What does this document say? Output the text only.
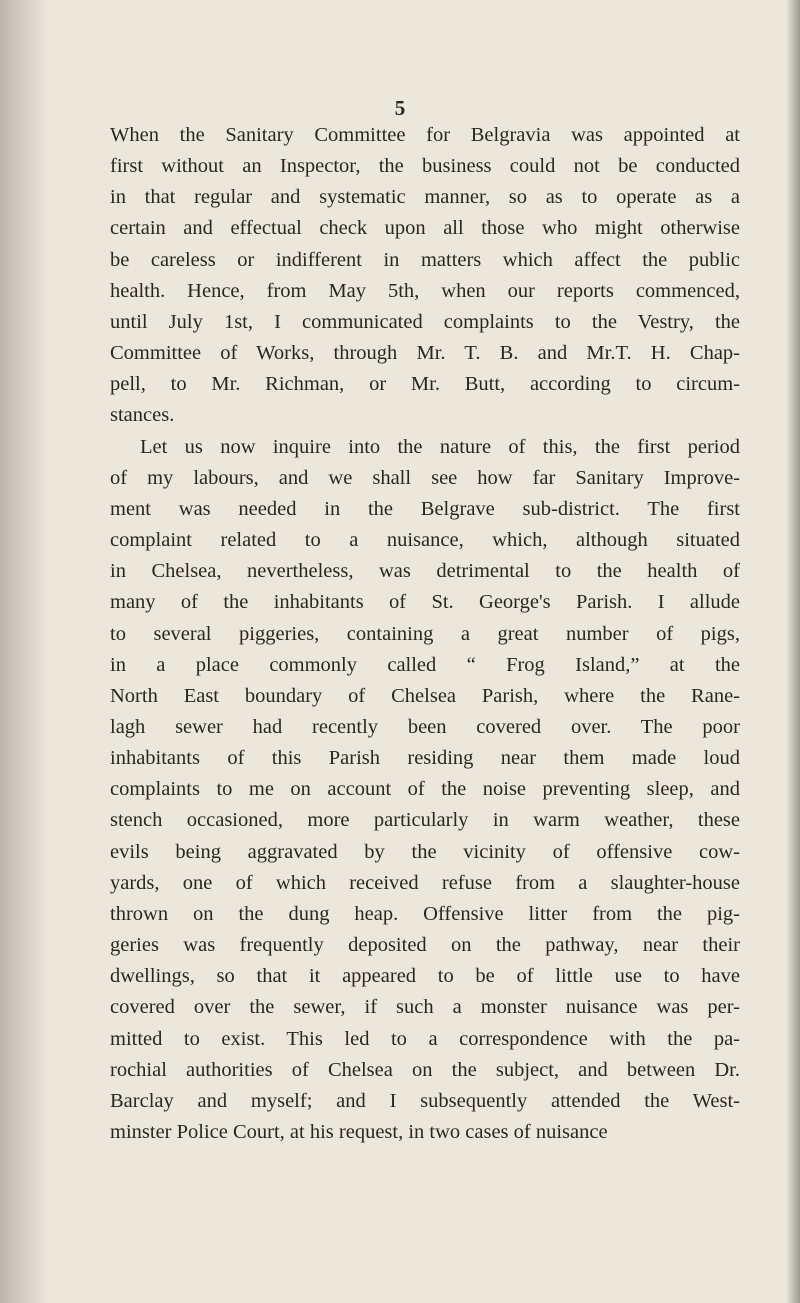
5
When the Sanitary Committee for Belgravia was appointed at
first without an Inspector, the business could not be conducted
in that regular and systematic manner, so as to operate as a
certain and effectual check upon all those who might otherwise
be careless or indifferent in matters which affect the public
health. Hence, from May 5th, when our reports commenced,
until July 1st, I communicated complaints to the Vestry, the
Committee of Works, through Mr. T. B. and Mr.T. H. Chap-
pell, to Mr. Richman, or Mr. Butt, according to circum-
stances.
Let us now inquire into the nature of this, the first period
of my labours, and we shall see how far Sanitary Improve-
ment was needed in the Belgrave sub-district. The first
complaint related to a nuisance, which, although situated
in Chelsea, nevertheless, was detrimental to the health of
many of the inhabitants of St. George's Parish. I allude
to several piggeries, containing a great number of pigs,
in a place commonly called “ Frog Island,” at the
North East boundary of Chelsea Parish, where the Rane-
lagh sewer had recently been covered over. The poor
inhabitants of this Parish residing near them made loud
complaints to me on account of the noise preventing sleep, and
stench occasioned, more particularly in warm weather, these
evils being aggravated by the vicinity of offensive cow-
yards, one of which received refuse from a slaughter-house
thrown on the dung heap. Offensive litter from the pig-
geries was frequently deposited on the pathway, near their
dwellings, so that it appeared to be of little use to have
covered over the sewer, if such a monster nuisance was per-
mitted to exist. This led to a correspondence with the pa-
rochial authorities of Chelsea on the subject, and between Dr.
Barclay and myself; and I subsequently attended the West-
minster Police Court, at his request, in two cases of nuisance
